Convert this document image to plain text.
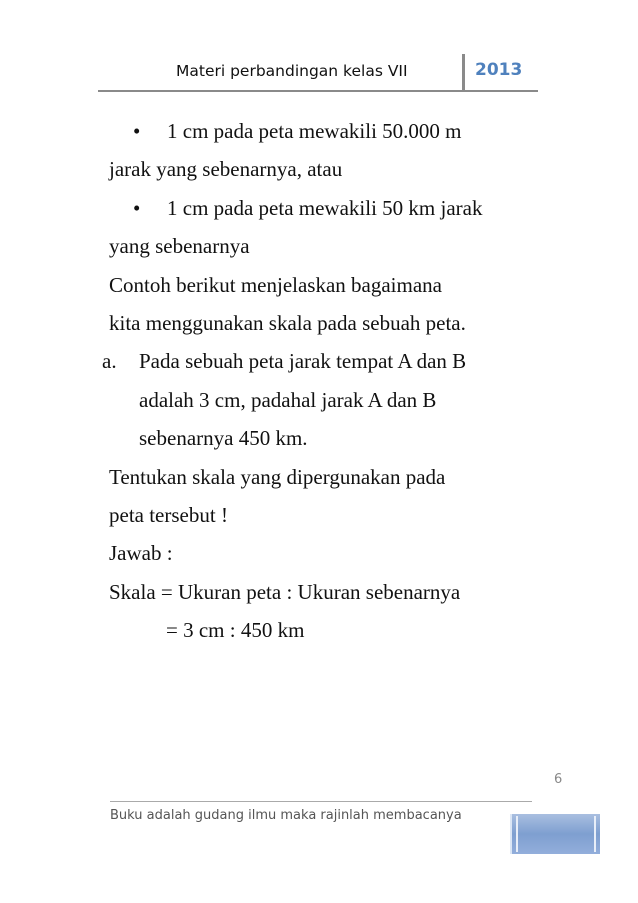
Materi perbandingan kelas VII	2013
• 1 cm pada peta mewakili 50.000 m
jarak yang sebenarnya, atau
• 1 cm pada peta mewakili 50 km jarak
yang sebenarnya
Contoh berikut menjelaskan bagaimana
kita menggunakan skala pada sebuah peta.
a. Pada sebuah peta jarak tempat A dan B
adalah 3 cm, padahal jarak A dan B
sebenarnya 450 km.
Tentukan skala yang dipergunakan pada
peta tersebut !
Jawab :
Skala = Ukuran peta : Ukuran sebenarnya
= 3 cm : 450 km
6
Buku adalah gudang ilmu maka rajinlah membacanya
